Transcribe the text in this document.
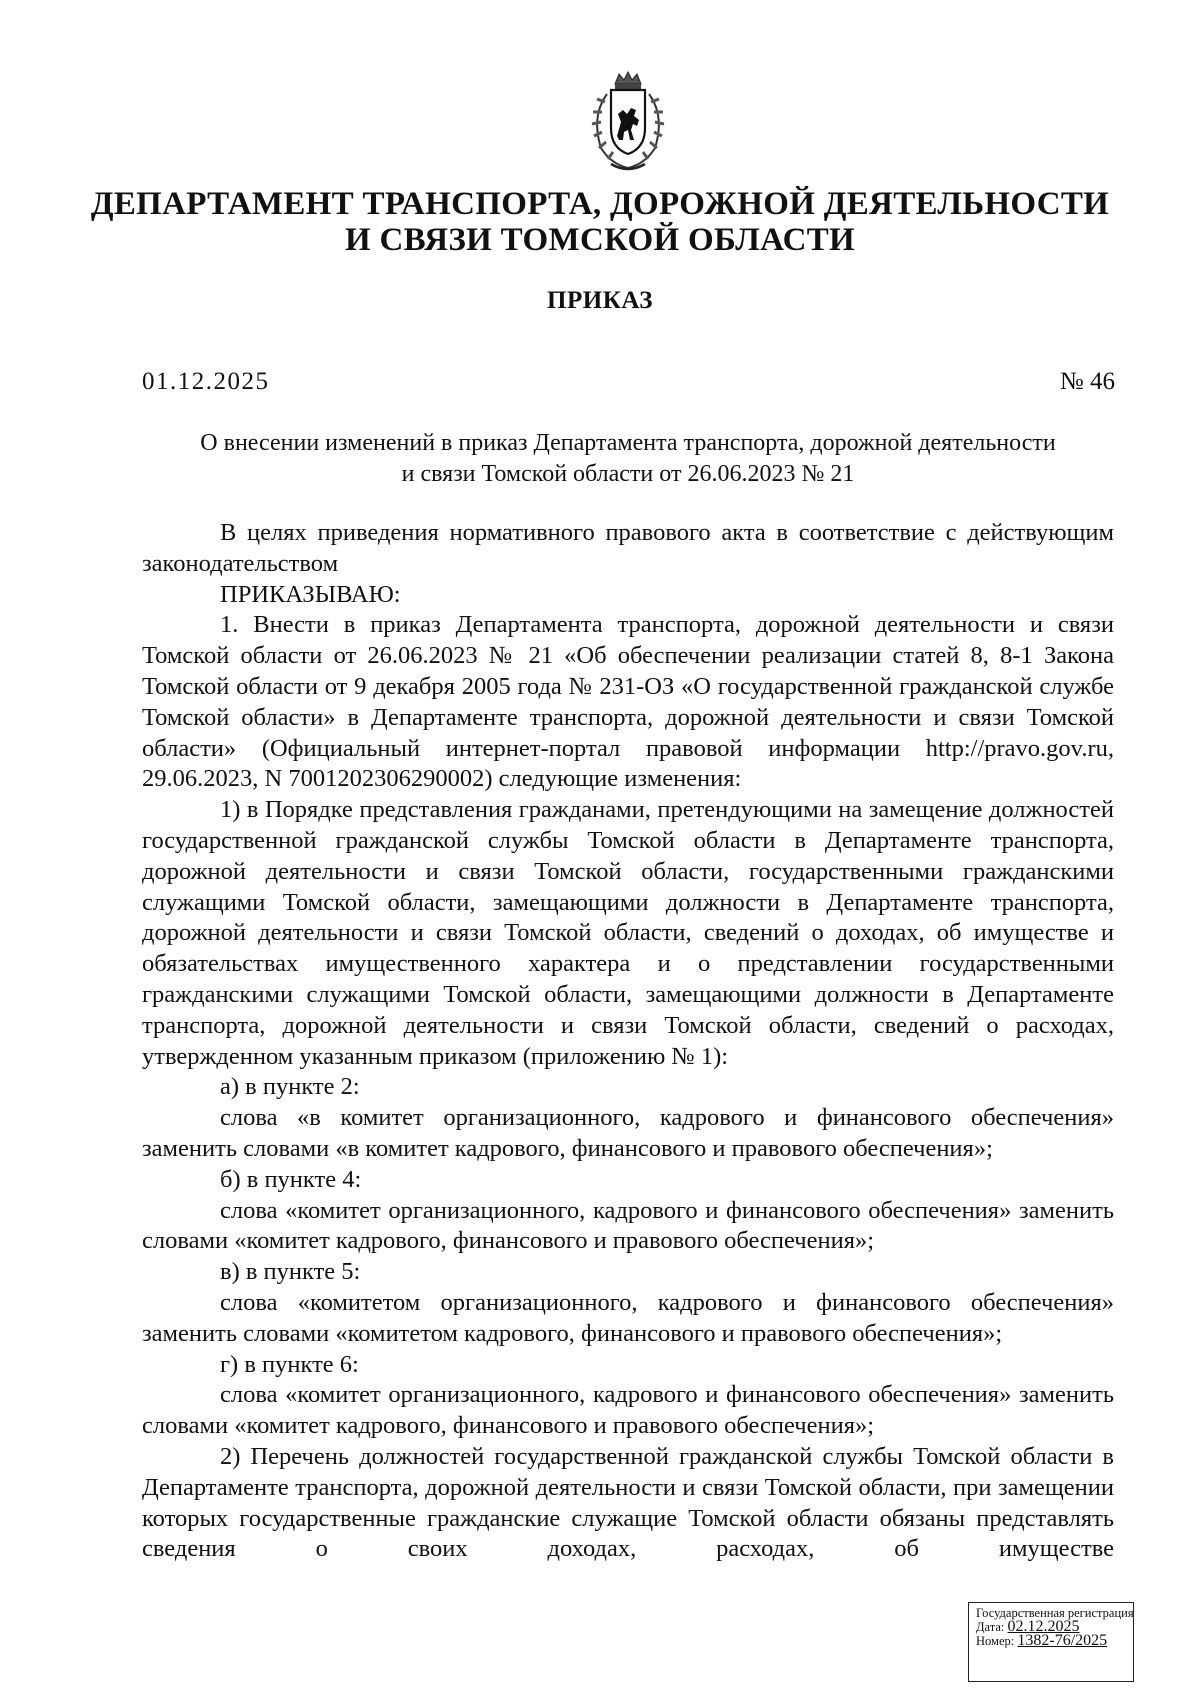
ДЕПАРТАМЕНТ ТРАНСПОРТА, ДОРОЖНОЙ ДЕЯТЕЛЬНОСТИ
И СВЯЗИ ТОМСКОЙ ОБЛАСТИ
ПРИКАЗ
01.12.2025	№ 46
О внесении изменений в приказ Департамента транспорта, дорожной деятельности
и связи Томской области от 26.06.2023 № 21

В целях приведения нормативного правового акта в соответствие с действующим законодательством

ПРИКАЗЫВАЮ:

1. Внести в приказ Департамента транспорта, дорожной деятельности и связи Томской области от 26.06.2023 № 21 «Об обеспечении реализации статей 8, 8-1 Закона Томской области от 9 декабря 2005 года № 231-ОЗ «О государственной гражданской службе Томской области» в Департаменте транспорта, дорожной деятельности и связи Томской области» (Официальный интернет-портал правовой информации http://pravo.gov.ru, 29.06.2023, N 7001202306290002) следующие изменения:

1) в Порядке представления гражданами, претендующими на замещение должностей государственной гражданской службы Томской области в Департаменте транспорта, дорожной деятельности и связи Томской области, государственными гражданскими служащими Томской области, замещающими должности в Департаменте транспорта, дорожной деятельности и связи Томской области, сведений о доходах, об имуществе и обязательствах имущественного характера и о представлении государственными гражданскими служащими Томской области, замещающими должности в Департаменте транспорта, дорожной деятельности и связи Томской области, сведений о расходах, утвержденном указанным приказом (приложению № 1):

а) в пункте 2:

слова «в комитет организационного, кадрового и финансового обеспечения» заменить словами «в комитет кадрового, финансового и правового обеспечения»;

б) в пункте 4:

слова «комитет организационного, кадрового и финансового обеспечения» заменить словами «комитет кадрового, финансового и правового обеспечения»;

в) в пункте 5:

слова «комитетом организационного, кадрового и финансового обеспечения» заменить словами «комитетом кадрового, финансового и правового обеспечения»;

г) в пункте 6:

слова «комитет организационного, кадрового и финансового обеспечения» заменить словами «комитет кадрового, финансового и правового обеспечения»;

2) Перечень должностей государственной гражданской службы Томской области в Департаменте транспорта, дорожной деятельности и связи Томской области, при замещении которых государственные гражданские служащие Томской области обязаны представлять сведения о своих доходах, расходах, об имуществе

Государственная регистрация
Дата: 02.12.2025
Номер: 1382-76/2025
